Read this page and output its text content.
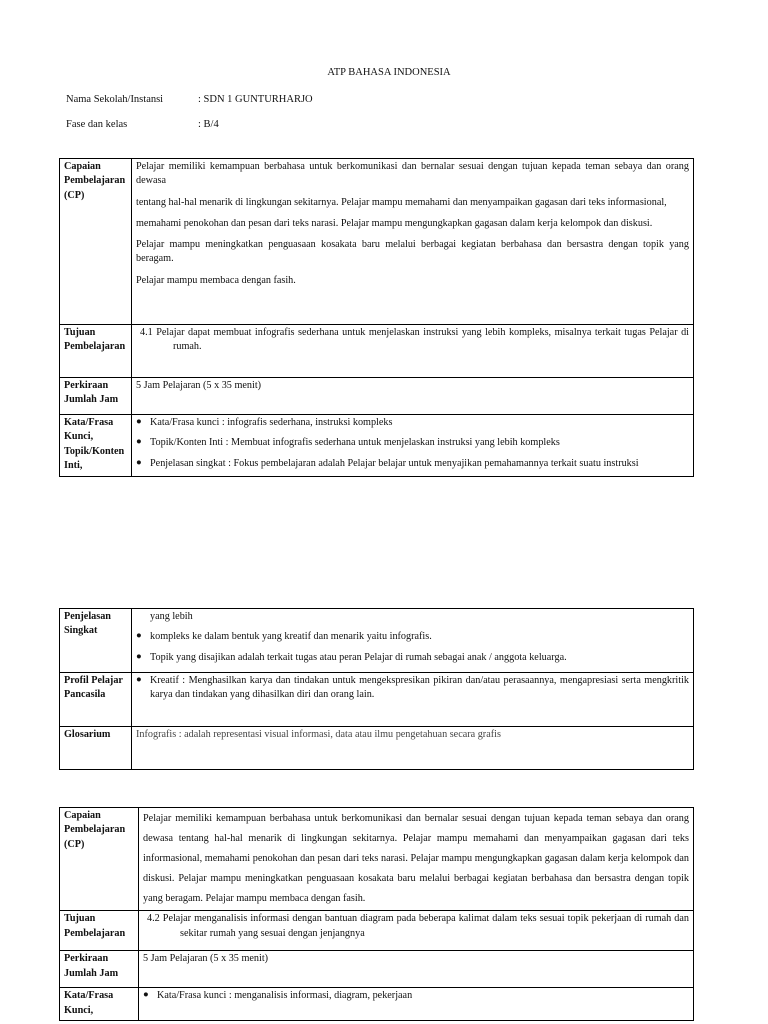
ATP BAHASA INDONESIA
Nama Sekolah/Instansi	: SDN 1 GUNTURHARJO
Fase dan kelas	: B/4
Capaian Pembelajaran (CP)	Pelajar memiliki kemampuan berbahasa untuk berkomunikasi dan bernalar sesuai dengan tujuan kepada teman sebaya dan orang dewasa

tentang hal-hal menarik di lingkungan sekitarnya. Pelajar mampu memahami dan menyampaikan gagasan dari teks informasional,

memahami penokohan dan pesan dari teks narasi. Pelajar mampu mengungkapkan gagasan dalam kerja kelompok dan diskusi.

Pelajar mampu meningkatkan penguasaan kosakata baru melalui berbagai kegiatan berbahasa dan bersastra dengan topik yang beragam.

Pelajar mampu membaca dengan fasih.

Tujuan Pembelajaran	4.1 Pelajar dapat membuat infografis sederhana untuk menjelaskan instruksi yang lebih kompleks, misalnya terkait tugas Pelajar di rumah.

Perkiraan Jumlah Jam	5 Jam Pelajaran (5 x 35 menit)
Kata/Frasa Kunci, Topik/Konten Inti,	● Kata/Frasa kunci : infografis sederhana, instruksi kompleks
● Topik/Konten Inti : Membuat infografis sederhana untuk menjelaskan instruksi yang lebih kompleks
● Penjelasan singkat : Fokus pembelajaran adalah Pelajar belajar untuk menyajikan pemahamannya terkait suatu instruksi
Penjelasan Singkat	yang lebih
● kompleks ke dalam bentuk yang kreatif dan menarik yaitu infografis.
● Topik yang disajikan adalah terkait tugas atau peran Pelajar di rumah sebagai anak / anggota keluarga.

Profil Pelajar Pancasila	● Kreatif : Menghasilkan karya dan tindakan untuk mengekspresikan pikiran dan/atau perasaannya, mengapresiasi serta mengkritik karya dan tindakan yang dihasilkan diri dan orang lain.

Glosarium	Infografis : adalah representasi visual informasi, data atau ilmu pengetahuan secara grafis
Capaian Pembelajaran (CP)	Pelajar memiliki kemampuan berbahasa untuk berkomunikasi dan bernalar sesuai dengan tujuan kepada teman sebaya dan orang dewasa tentang hal-hal menarik di lingkungan sekitarnya. Pelajar mampu memahami dan menyampaikan gagasan dari teks informasional, memahami penokohan dan pesan dari teks narasi. Pelajar mampu mengungkapkan gagasan dalam kerja kelompok dan diskusi. Pelajar mampu meningkatkan penguasaan kosakata baru melalui berbagai kegiatan berbahasa dan bersastra dengan topik yang beragam. Pelajar mampu membaca dengan fasih.
Tujuan Pembelajaran	4.2 Pelajar menganalisis informasi dengan bantuan diagram pada beberapa kalimat dalam teks sesuai topik pekerjaan di rumah dan sekitar rumah yang sesuai dengan jenjangnya

Perkiraan Jumlah Jam	5 Jam Pelajaran (5 x 35 menit)
Kata/Frasa Kunci,	● Kata/Frasa kunci : menganalisis informasi, diagram, pekerjaan
